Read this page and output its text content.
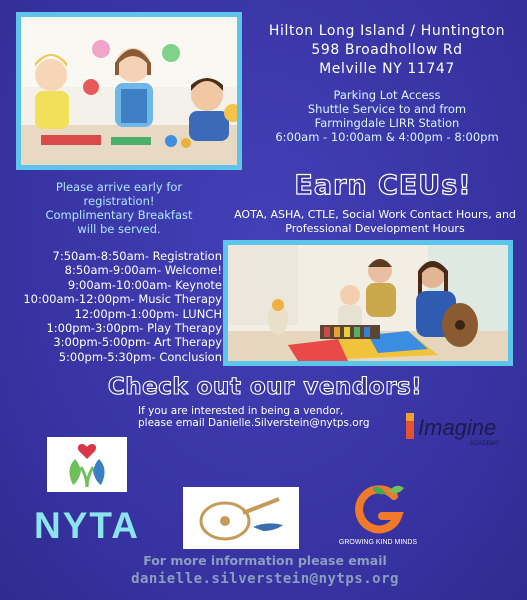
Hilton Long Island / Huntington
598 Broadhollow Rd
Melville NY 11747
Parking Lot Access
Shuttle Service to and from
Farmingdale LIRR Station
6:00am - 10:00am & 4:00pm - 8:00pm
Please arrive early for
registration!
Complimentary Breakfast
will be served.
Earn CEUs!
AOTA, ASHA, CTLE, Social Work Contact Hours, and
Professional Development Hours
7:50am-8:50am- Registration
8:50am-9:00am- Welcome!
9:00am-10:00am- Keynote
10:00am-12:00pm- Music Therapy
12:00pm-1:00pm- LUNCH
1:00pm-3:00pm- Play Therapy
3:00pm-5:00pm- Art Therapy
5:00pm-5:30pm- Conclusion
Check out our vendors!
If you are interested in being a vendor,
please email Danielle.Silverstein@nytps.org	Imagine
ACADEMY
NYTA	GROWING KIND MINDS
For more information please email
danielle.silverstein@nytps.org
